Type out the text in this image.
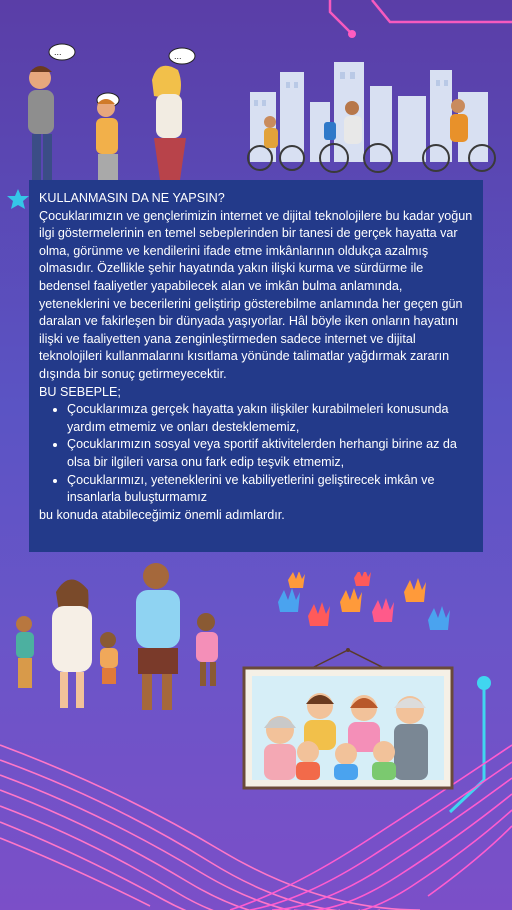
...	...

KULLANMASIN DA NE YAPSIN?

Çocuklarımızın ve gençlerimizin internet ve dijital teknolojilere bu kadar yoğun ilgi göstermelerinin en temel sebeplerinden bir tanesi de gerçek hayatta var olma, görünme ve kendilerini ifade etme imkânlarının oldukça azalmış olmasıdır. Özellikle şehir hayatında yakın ilişki kurma ve sürdürme ile bedensel faaliyetler yapabilecek alan ve imkân bulma anlamında, yeteneklerini ve becerilerini geliştirip gösterebilme anlamında her geçen gün daralan ve fakirleşen bir dünyada yaşıyorlar. Hâl böyle iken onların hayatını ilişki ve faaliyetten yana zenginleştirmeden sadece internet ve dijital teknolojileri kullanmalarını kısıtlama yönünde talimatlar yağdırmak zararın dışında bir sonuç getirmeyecektir.

BU SEBEPLE;

• Çocuklarımıza gerçek hayatta yakın ilişkiler kurabilmeleri konusunda yardım etmemiz ve onları desteklememiz,
• Çocuklarımızın sosyal veya sportif aktivitelerden herhangi birine az da olsa bir ilgileri varsa onu fark edip teşvik etmemiz,
• Çocuklarımızı, yeteneklerini ve kabiliyetlerini geliştirecek imkân ve insanlarla buluşturmamız

bu konuda atabileceğimiz önemli adımlardır.
